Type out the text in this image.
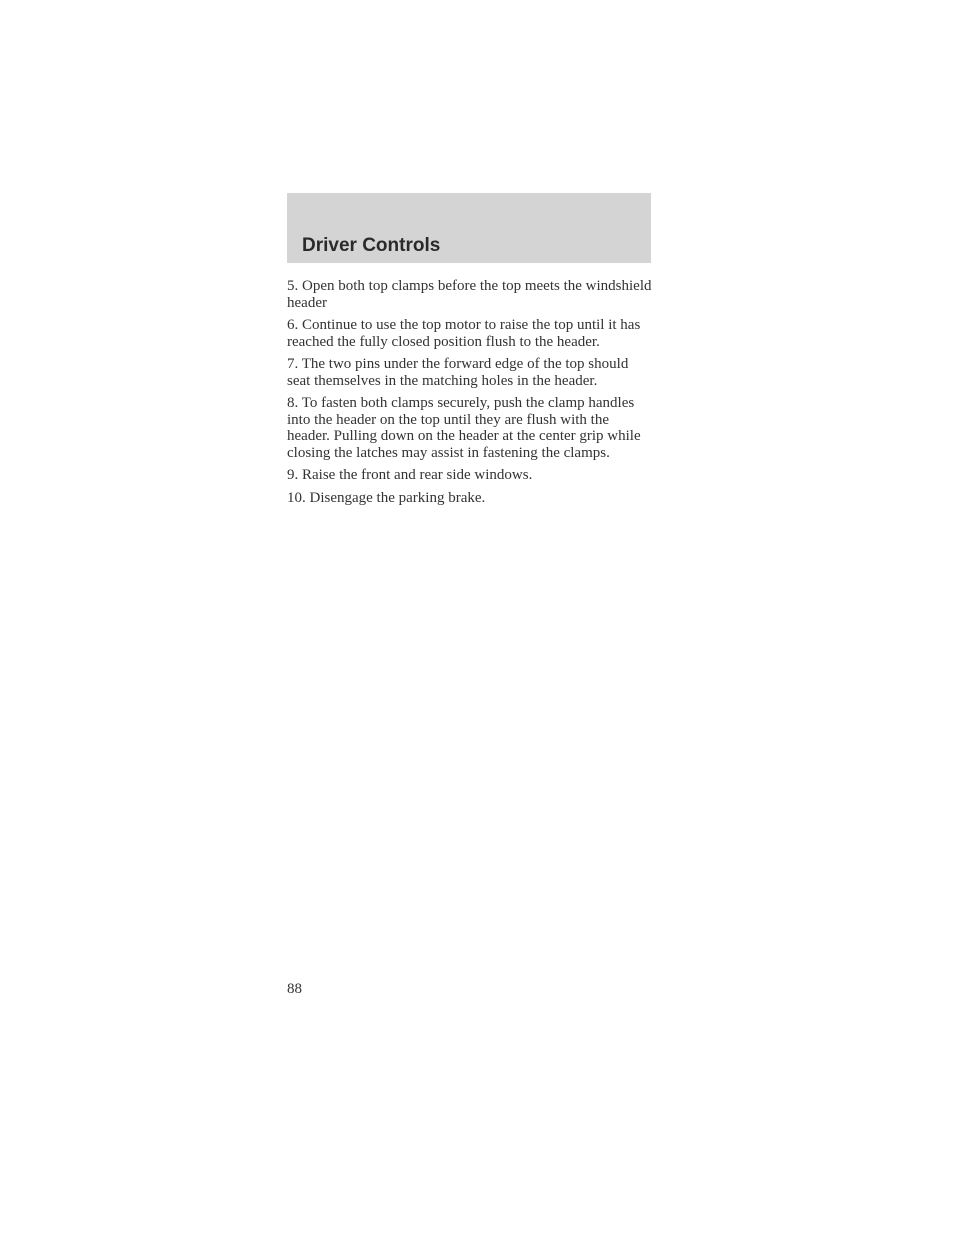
Driver Controls

5. Open both top clamps before the top meets the windshield header

6. Continue to use the top motor to raise the top until it has reached the fully closed position flush to the header.

7. The two pins under the forward edge of the top should seat themselves in the matching holes in the header.

8. To fasten both clamps securely, push the clamp handles into the header on the top until they are flush with the header. Pulling down on the header at the center grip while closing the latches may assist in fastening the clamps.

9. Raise the front and rear side windows.

10. Disengage the parking brake.

88
